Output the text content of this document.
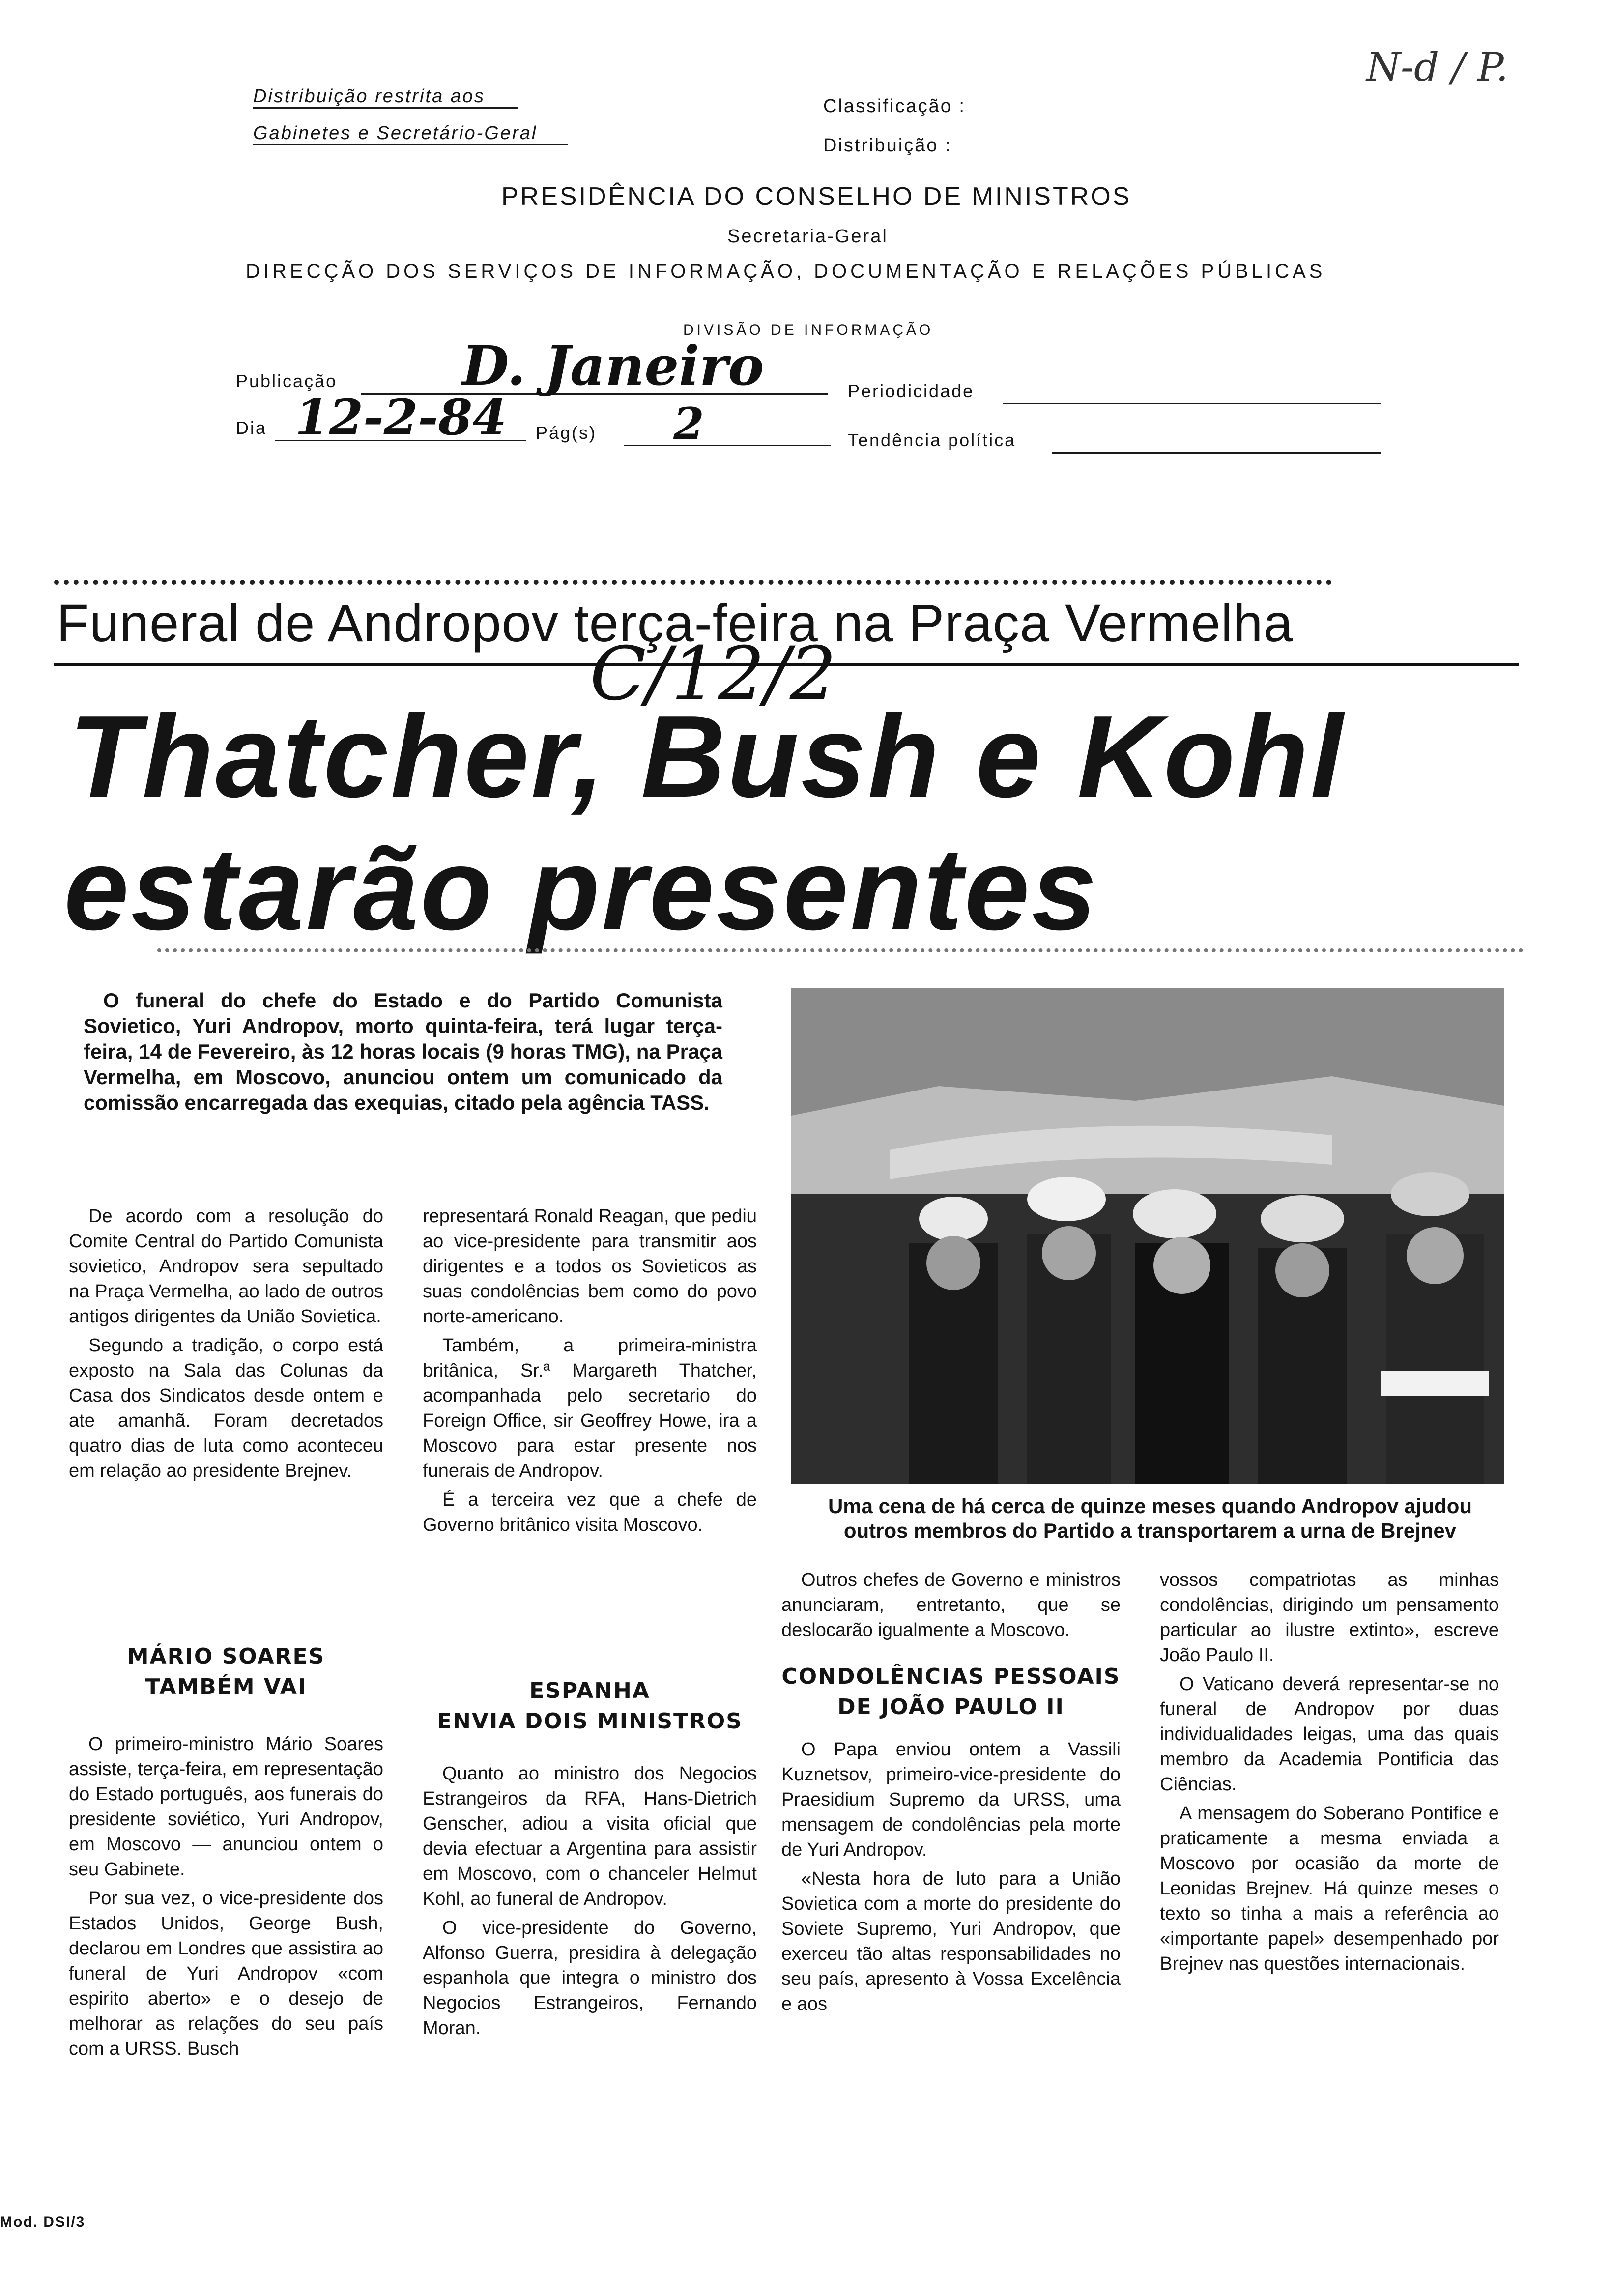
Distribuição restrita aos
Gabinetes e Secretário-Geral
Classificação :
Distribuição :
N-d / P.
PRESIDÊNCIA DO CONSELHO DE MINISTROS
Secretaria-Geral
DIRECÇÃO DOS SERVIÇOS DE INFORMAÇÃO, DOCUMENTAÇÃO E RELAÇÕES PÚBLICAS
DIVISÃO DE INFORMAÇÃO
Publicação D. Janeiro	Periodicidade
Dia 12-2-84 Pág(s) 2	Tendência política
Funeral de Andropov terça-feira na Praça Vermelha
C/12/2
Thatcher, Bush e Kohl
estarão presentes

O funeral do chefe do Estado e do Partido Comunista Sovietico, Yuri Andropov, morto quinta-feira, terá lugar terça-feira, 14 de Fevereiro, às 12 horas locais (9 horas TMG), na Praça Vermelha, em Moscovo, anunciou ontem um comunicado da comissão encarregada das exequias, citado pela agência TASS.

Uma cena de há cerca de quinze meses quando Andropov ajudou outros membros do Partido a transportarem a urna de Brejnev

De acordo com a resolução do Comite Central do Partido Comunista sovietico, Andropov sera sepultado na Praça Vermelha, ao lado de outros antigos dirigentes da União Sovietica.

Segundo a tradição, o corpo está exposto na Sala das Colunas da Casa dos Sindicatos desde ontem e ate amanhã. Foram decretados quatro dias de luta como aconteceu em relação ao presidente Brejnev.

representará Ronald Reagan, que pediu ao vice-presidente para transmitir aos dirigentes e a todos os Sovieticos as suas condolências bem como do povo norte-americano.

Também, a primeira-ministra britânica, Sr.ª Margareth Thatcher, acompanhada pelo secretario do Foreign Office, sir Geoffrey Howe, ira a Moscovo para estar presente nos funerais de Andropov.

É a terceira vez que a chefe de Governo britânico visita Moscovo.

MÁRIO SOARES
TAMBÉM VAI

O primeiro-ministro Mário Soares assiste, terça-feira, em representação do Estado português, aos funerais do presidente soviético, Yuri Andropov, em Moscovo — anunciou ontem o seu Gabinete.

Por sua vez, o vice-presidente dos Estados Unidos, George Bush, declarou em Londres que assistira ao funeral de Yuri Andropov «com espirito aberto» e o desejo de melhorar as relações do seu país com a URSS. Busch

ESPANHA
ENVIA DOIS MINISTROS

Quanto ao ministro dos Negocios Estrangeiros da RFA, Hans-Dietrich Genscher, adiou a visita oficial que devia efectuar a Argentina para assistir em Moscovo, com o chanceler Helmut Kohl, ao funeral de Andropov.

O vice-presidente do Governo, Alfonso Guerra, presidira à delegação espanhola que integra o ministro dos Negocios Estrangeiros, Fernando Moran.

Outros chefes de Governo e ministros anunciaram, entretanto, que se deslocarão igualmente a Moscovo.

CONDOLÊNCIAS PESSOAIS
DE JOÃO PAULO II

O Papa enviou ontem a Vassili Kuznetsov, primeiro-vice-presidente do Praesidium Supremo da URSS, uma mensagem de condolências pela morte de Yuri Andropov.

«Nesta hora de luto para a União Sovietica com a morte do presidente do Soviete Supremo, Yuri Andropov, que exerceu tão altas responsabilidades no seu país, apresento à Vossa Excelência e aos

vossos compatriotas as minhas condolências, dirigindo um pensamento particular ao ilustre extinto», escreve João Paulo II.

O Vaticano deverá representar-se no funeral de Andropov por duas individualidades leigas, uma das quais membro da Academia Pontificia das Ciências.

A mensagem do Soberano Pontifice e praticamente a mesma enviada a Moscovo por ocasião da morte de Leonidas Brejnev. Há quinze meses o texto so tinha a mais a referência ao «importante papel» desempenhado por Brejnev nas questões internacionais.

Mod. DSI/3
